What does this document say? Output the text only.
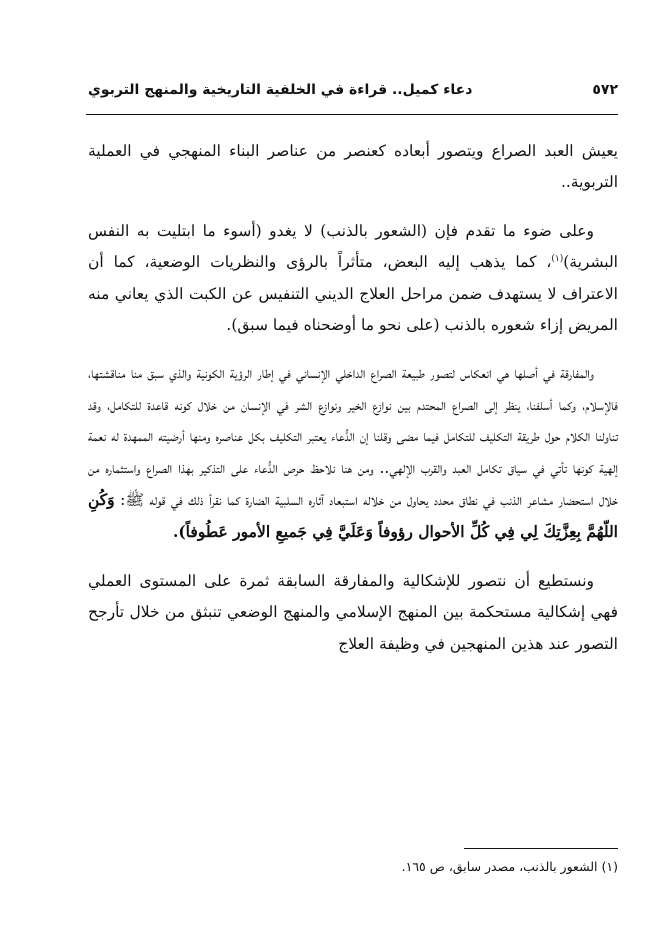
٥٧٢
دعاء كميل.. قراءة في الخلفية التاريخية والمنهج التربوي

يعيش العبد الصراع ويتصور أبعاده كعنصر من عناصر البناء المنهجي في العملية التربوية..

وعلى ضوء ما تقدم فإن (الشعور بالذنب) لا يغدو (أسوء ما ابتليت به النفس البشرية)$^{(١)}$، كما يذهب إليه البعض، متأثراً بالرؤى والنظريات الوضعية، كما أن الاعتراف لا يستهدف ضمن مراحل العلاج الديني التنفيس عن الكبت الذي يعاني منه المريض إزاء شعوره بالذنب (على نحو ما أوضحناه فيما سبق).

والمفارقة في أصلها هي انعكاس لتصور طبيعة الصراع الداخلي الإنساني في إطار الرؤية الكونية والذي سبق منا مناقشتها، فالإسلام، وكما أسلفنا، ينظر إلى الصراع المحتدم بين نوازع الخير ونوازع الشر في الإنسان من خلال كونه قاعدة للتكامل، وقد تناولنا الكلام حول طريقة التكليف للتكامل فيما مضى وقلنا إن الدُّعاء يعتبر التكليف بكل عناصره ومنها أرضيته الممهدة له نعمة إلهية كونها تأتي في سياق تكامل العبد والقرب الإلهي.. ومن هنا نلاحظ حرص الدُّعاء على التذكير بهذا الصراع واستثماره من خلال استحضار مشاعر الذنب في نطاق محدد يحاول من خلاله استبعاد آثاره السلبية الضارة كما نقرأ ذلك في قوله ﷺ: وَكُنِ اللّهُمَّ بِعِزَّتِكَ لِي فِي كُلِّ الأحوال رؤوفاً وَعَلَيَّ فِي جَميعِ الأمور عَطُوفاً).

ونستطيع أن نتصور للإشكالية والمفارقة السابقة ثمرة على المستوى العملي فهي إشكالية مستحكمة بين المنهج الإسلامي والمنهج الوضعي تنبثق من خلال تأرجح التصور عند هذين المنهجين في وظيفة العلاج

(١) الشعور بالذنب، مصدر سابق، ص ١٦٥.
